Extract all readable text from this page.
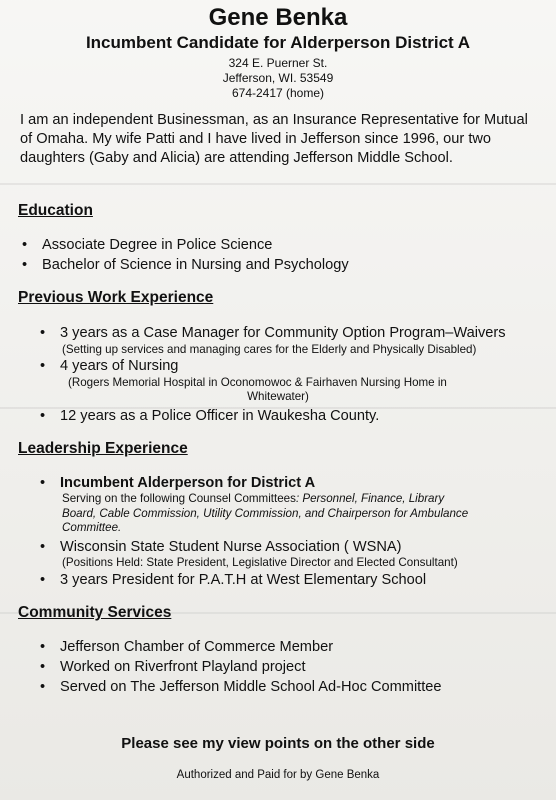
Gene Benka
Incumbent Candidate for Alderperson District A
324 E. Puerner St.
Jefferson, WI. 53549
674-2417 (home)
I am an independent Businessman, as an Insurance Representative for Mutual of Omaha. My wife Patti and I have lived in Jefferson since 1996, our two daughters (Gaby and Alicia) are attending Jefferson Middle School.
Education
• Associate Degree in Police Science
• Bachelor of Science in Nursing and Psychology
Previous Work Experience
• 3 years as a Case Manager for Community Option Program–Waivers
(Setting up services and managing cares for the Elderly and Physically Disabled)
• 4 years of Nursing
(Rogers Memorial Hospital in Oconomowoc & Fairhaven Nursing Home in
Whitewater)
• 12 years as a Police Officer in Waukesha County.
Leadership Experience
• Incumbent Alderperson for District A
Serving on the following Counsel Committees: Personnel, Finance, Library
Board, Cable Commission, Utility Commission, and Chairperson for Ambulance
Committee.
• Wisconsin State Student Nurse Association ( WSNA)
(Positions Held: State President, Legislative Director and Elected Consultant)
• 3 years President for P.A.T.H at West Elementary School
Community Services
• Jefferson Chamber of Commerce Member
• Worked on Riverfront Playland project
• Served on The Jefferson Middle School Ad-Hoc Committee
Please see my view points on the other side
Authorized and Paid for by Gene Benka
